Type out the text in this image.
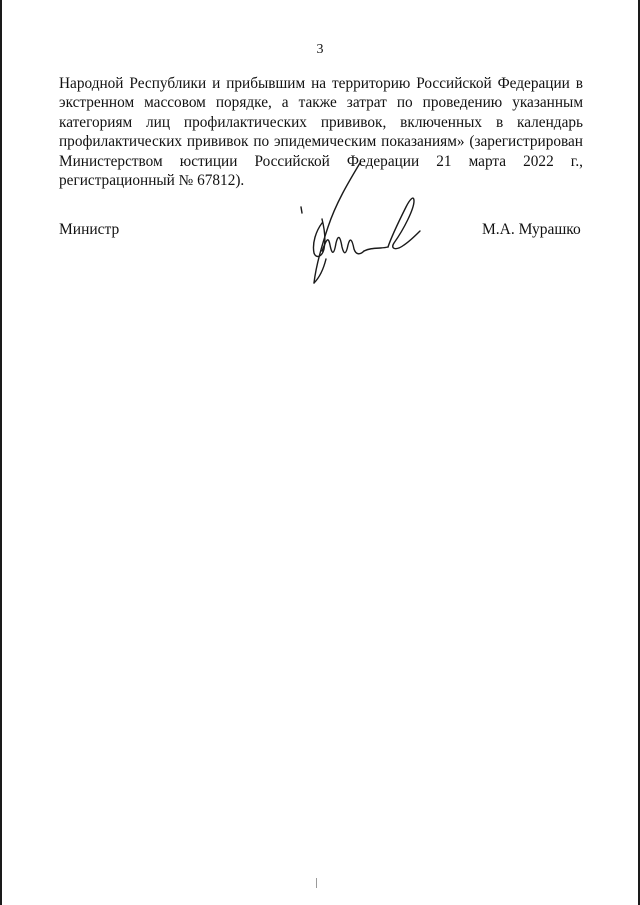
3

Народной Республики и прибывшим на территорию Российской Федерации в экстренном массовом порядке, а также затрат по проведению указанным категориям лиц профилактических прививок, включенных в календарь профилактических прививок по эпидемическим показаниям» (зарегистрирован Министерством юстиции Российской Федерации 21 марта 2022 г., регистрационный № 67812).

Министр	М.А. Мурашко
